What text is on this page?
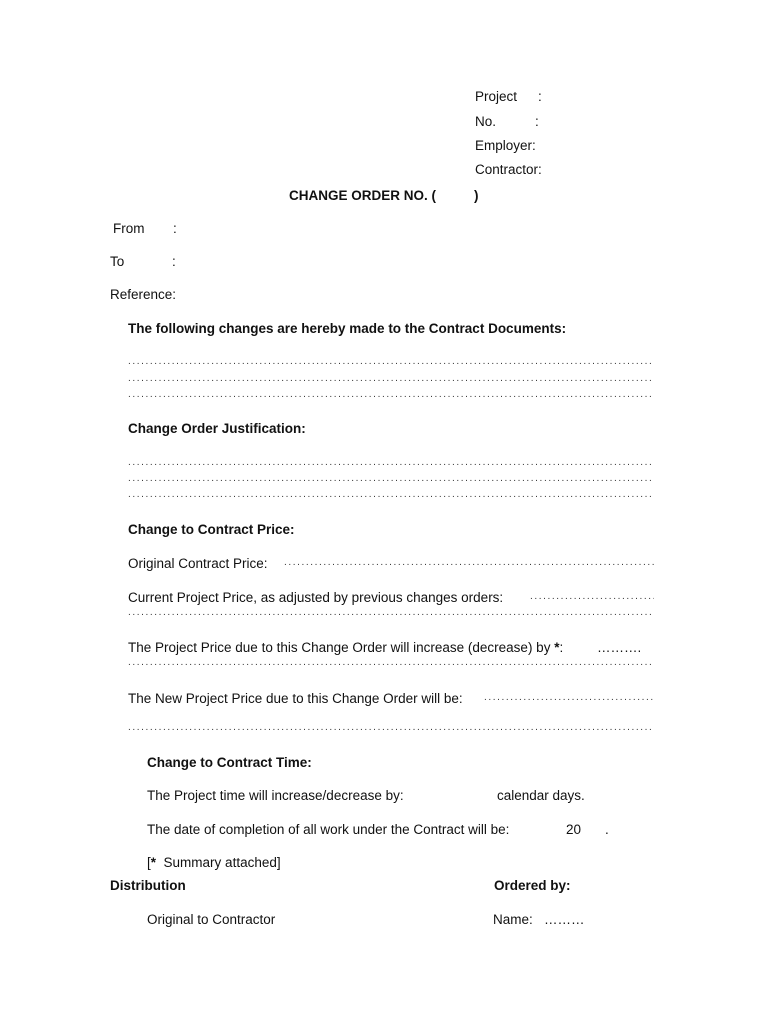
Project :
No.	:
Employer:
Contractor:
CHANGE ORDER NO. (	)
From :
To	:
Reference:
The following changes are hereby made to the Contract Documents:
.....
.....
.....
Change Order Justification:
.....
.....
.....
Change to Contract Price:
Original Contract Price:
.....
Current Project Price, as adjusted by previous changes orders:
.....
.....
The Project Price due to this Change Order will increase (decrease) by *:	……….
.....
The New Project Price due to this Change Order will be:
.....
.....
Change to Contract Time:
The Project time will increase/decrease by:	calendar days.
The date of completion of all work under the Contract will be:	20 .
[* Summary attached]
Distribution	Ordered by:
Original to Contractor	Name: ………
